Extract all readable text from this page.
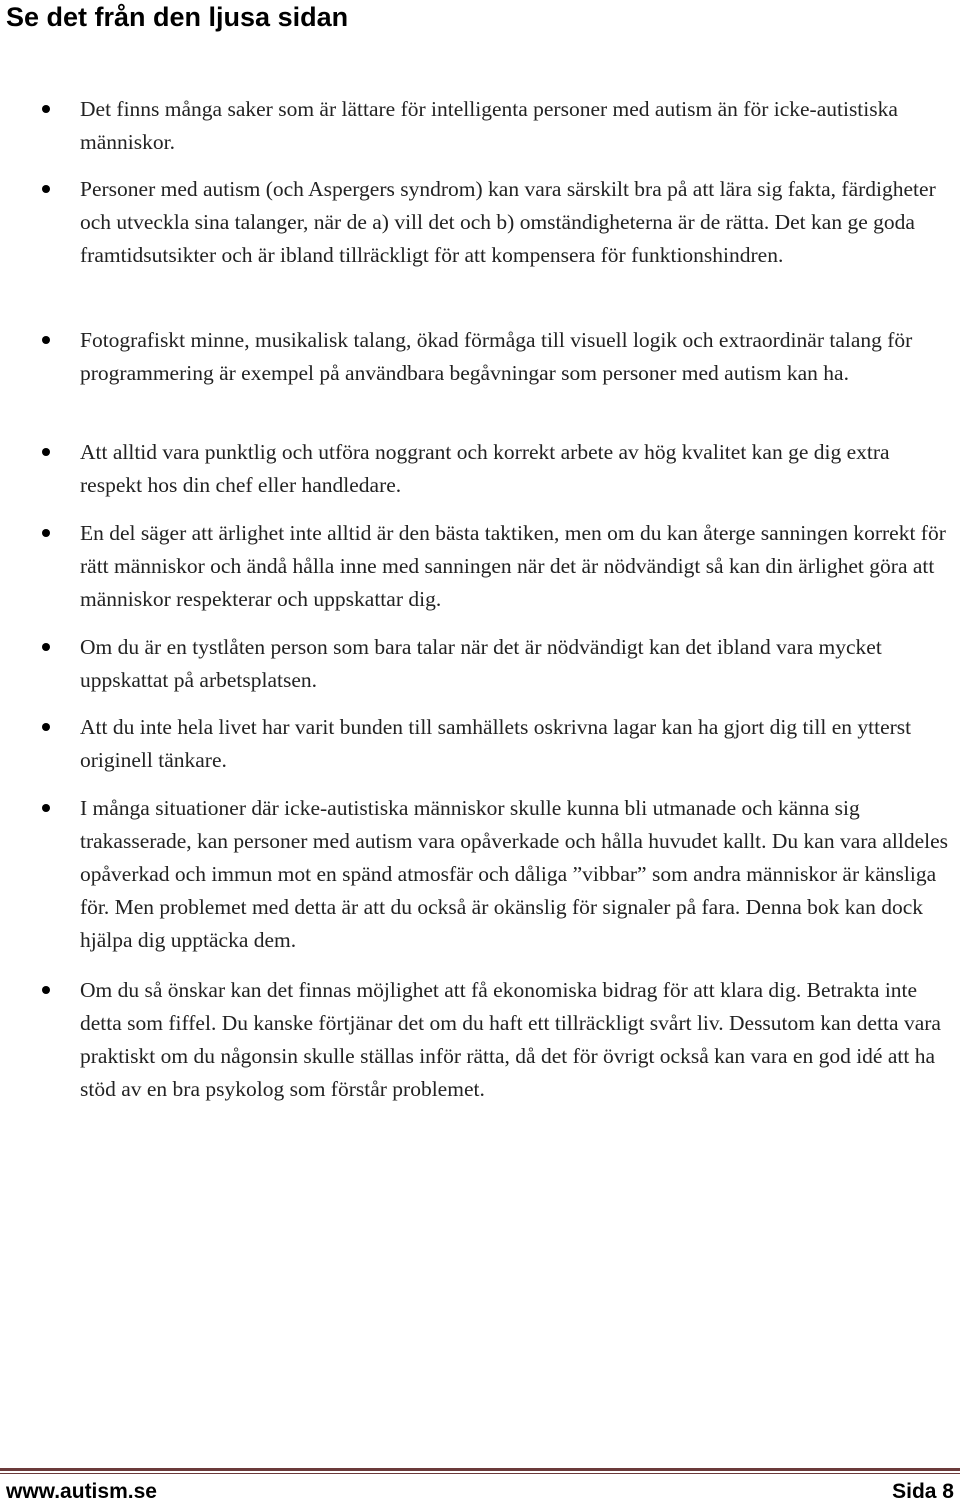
Se det från den ljusa sidan
Det finns många saker som är lättare för intelligenta personer med autism än för icke-autistiska människor.
Personer med autism (och Aspergers syndrom) kan vara särskilt bra på att lära sig fakta, färdigheter och utveckla sina talanger, när de a) vill det och b) omständigheterna är de rätta. Det kan ge goda framtidsutsikter och är ibland tillräckligt för att kompensera för funktionshindren.
Fotografiskt minne, musikalisk talang, ökad förmåga till visuell logik och extraordinär talang för programmering är exempel på användbara begåvningar som personer med autism kan ha.
Att alltid vara punktlig och utföra noggrant och korrekt arbete av hög kvalitet kan ge dig extra respekt hos din chef eller handledare.
En del säger att ärlighet inte alltid är den bästa taktiken, men om du kan återge sanningen korrekt för rätt människor och ändå hålla inne med sanningen när det är nödvändigt så kan din ärlighet göra att människor respekterar och uppskattar dig.
Om du är en tystlåten person som bara talar när det är nödvändigt kan det ibland vara mycket uppskattat på arbetsplatsen.
Att du inte hela livet har varit bunden till samhällets oskrivna lagar kan ha gjort dig till en ytterst originell tänkare.
I många situationer där icke-autistiska människor skulle kunna bli utmanade och känna sig trakasserade, kan personer med autism vara opåverkade och hålla huvudet kallt. Du kan vara alldeles opåverkad och immun mot en spänd atmosfär och dåliga ”vibbar” som andra människor är känsliga för. Men problemet med detta är att du också är okänslig för signaler på fara. Denna bok kan dock hjälpa dig upptäcka dem.
Om du så önskar kan det finnas möjlighet att få ekonomiska bidrag för att klara dig. Betrakta inte detta som fiffel. Du kanske förtjänar det om du haft ett tillräckligt svårt liv. Dessutom kan detta vara praktiskt om du någonsin skulle ställas inför rätta, då det för övrigt också kan vara en god idé att ha stöd av en bra psykolog som förstår problemet.
www.autism.se	Sida 8
